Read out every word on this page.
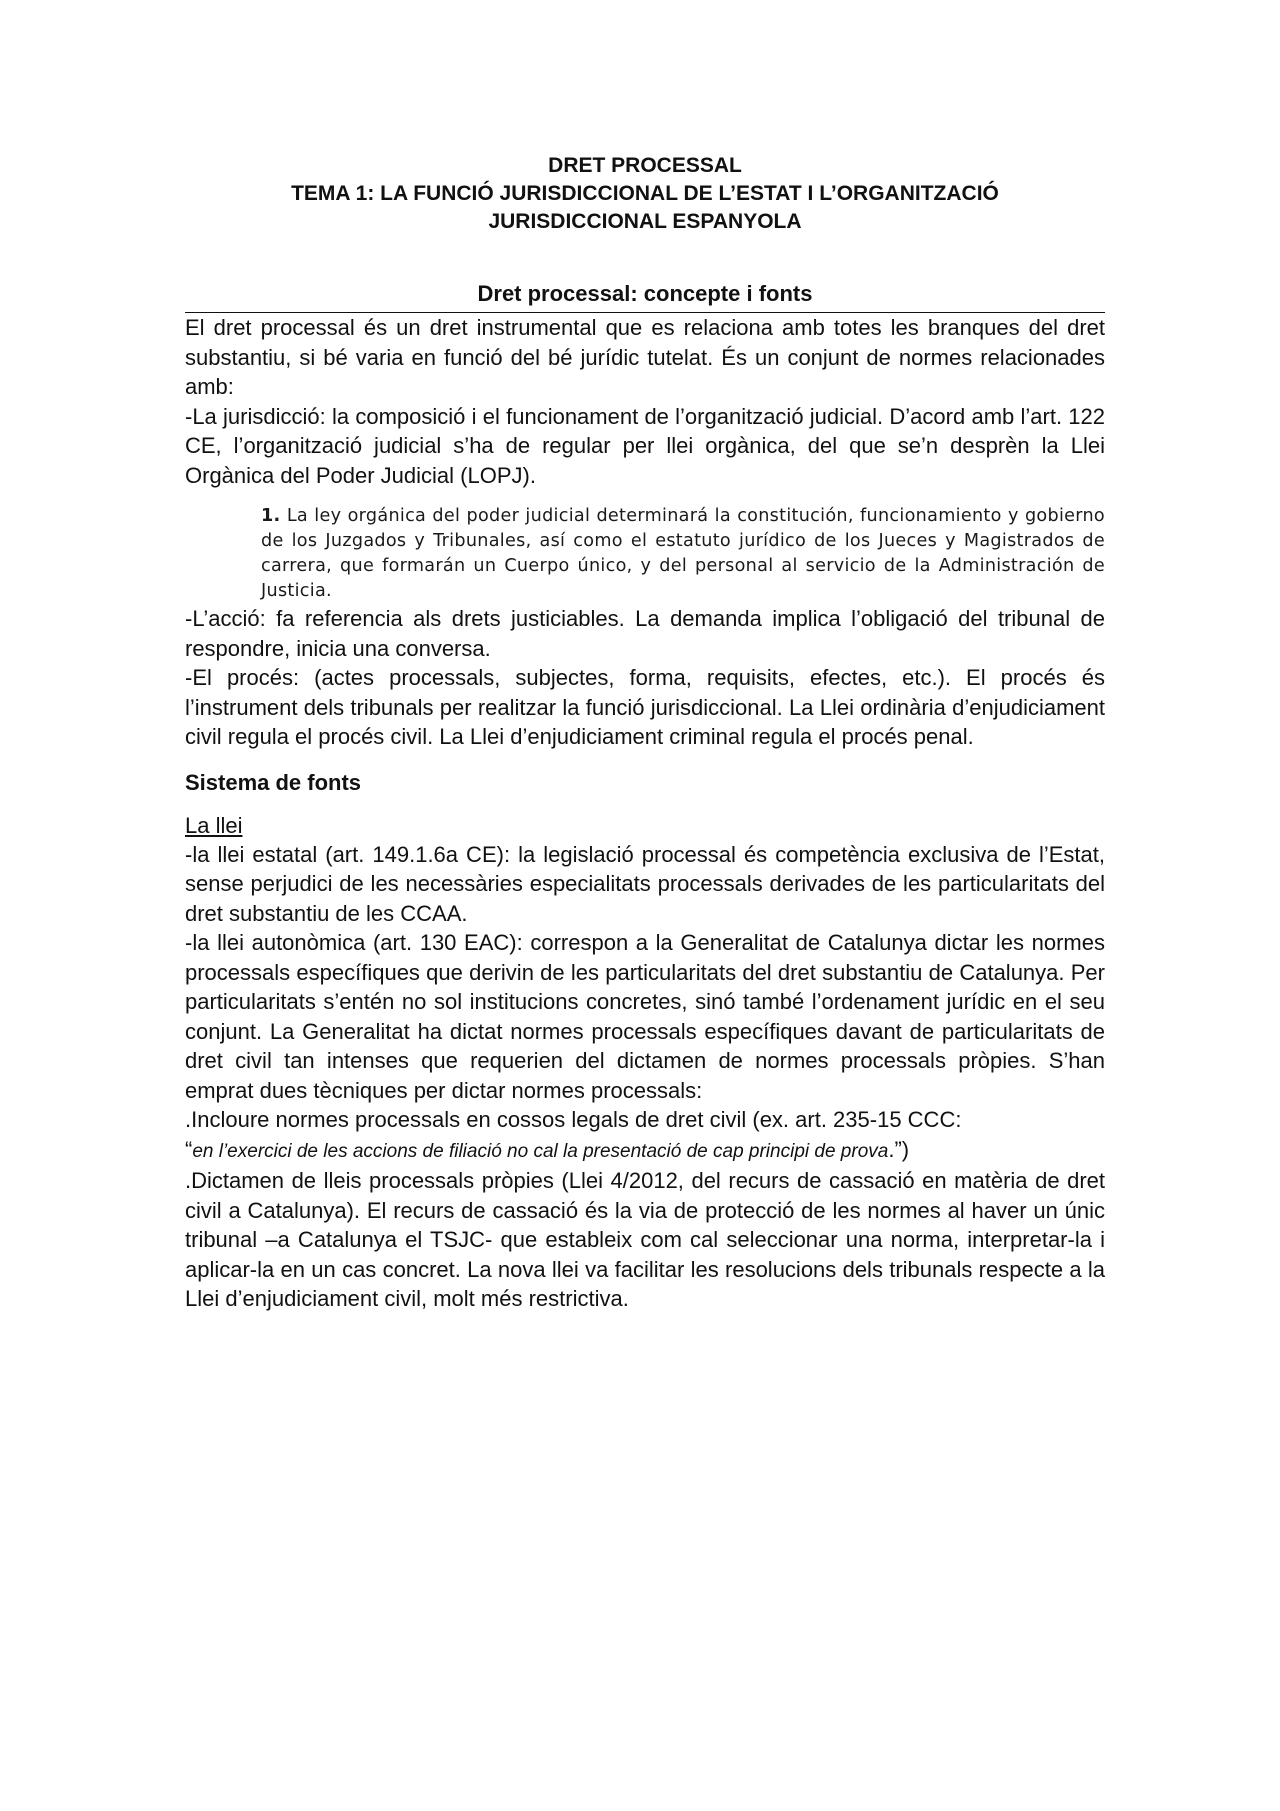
DRET PROCESSAL
TEMA 1: LA FUNCIÓ JURISDICCIONAL DE L’ESTAT I L’ORGANITZACIÓ
JURISDICCIONAL ESPANYOLA
Dret processal: concepte i fonts

El dret processal és un dret instrumental que es relaciona amb totes les branques del dret substantiu, si bé varia en funció del bé jurídic tutelat. És un conjunt de normes relacionades amb:

-La jurisdicció: la composició i el funcionament de l’organització judicial. D’acord amb l’art. 122 CE, l’organització judicial s’ha de regular per llei orgànica, del que se’n desprèn la Llei Orgànica del Poder Judicial (LOPJ).

1. La ley orgánica del poder judicial determinará la constitución, funcionamiento y gobierno de los Juzgados y Tribunales, así como el estatuto jurídico de los Jueces y Magistrados de carrera, que formarán un Cuerpo único, y del personal al servicio de la Administración de Justicia.

-L’acció: fa referencia als drets justiciables. La demanda implica l’obligació del tribunal de respondre, inicia una conversa.

-El procés: (actes processals, subjectes, forma, requisits, efectes, etc.). El procés és l’instrument dels tribunals per realitzar la funció jurisdiccional. La Llei ordinària d’enjudiciament civil regula el procés civil. La Llei d’enjudiciament criminal regula el procés penal.

Sistema de fonts
La llei

-la llei estatal (art. 149.1.6a CE): la legislació processal és competència exclusiva de l’Estat, sense perjudici de les necessàries especialitats processals derivades de les particularitats del dret substantiu de les CCAA.

-la llei autonòmica (art. 130 EAC): correspon a la Generalitat de Catalunya dictar les normes processals específiques que derivin de les particularitats del dret substantiu de Catalunya. Per particularitats s’entén no sol institucions concretes, sinó també l’ordenament jurídic en el seu conjunt. La Generalitat ha dictat normes processals específiques davant de particularitats de dret civil tan intenses que requerien del dictamen de normes processals pròpies. S’han emprat dues tècniques per dictar normes processals:

.Incloure normes processals en cossos legals de dret civil (ex. art. 235-15 CCC:
“en l’exercici de les accions de filiació no cal la presentació de cap principi de prova.”)

.Dictamen de lleis processals pròpies (Llei 4/2012, del recurs de cassació en matèria de dret civil a Catalunya). El recurs de cassació és la via de protecció de les normes al haver un únic tribunal –a Catalunya el TSJC- que estableix com cal seleccionar una norma, interpretar-la i aplicar-la en un cas concret. La nova llei va facilitar les resolucions dels tribunals respecte a la Llei d’enjudiciament civil, molt més restrictiva.
